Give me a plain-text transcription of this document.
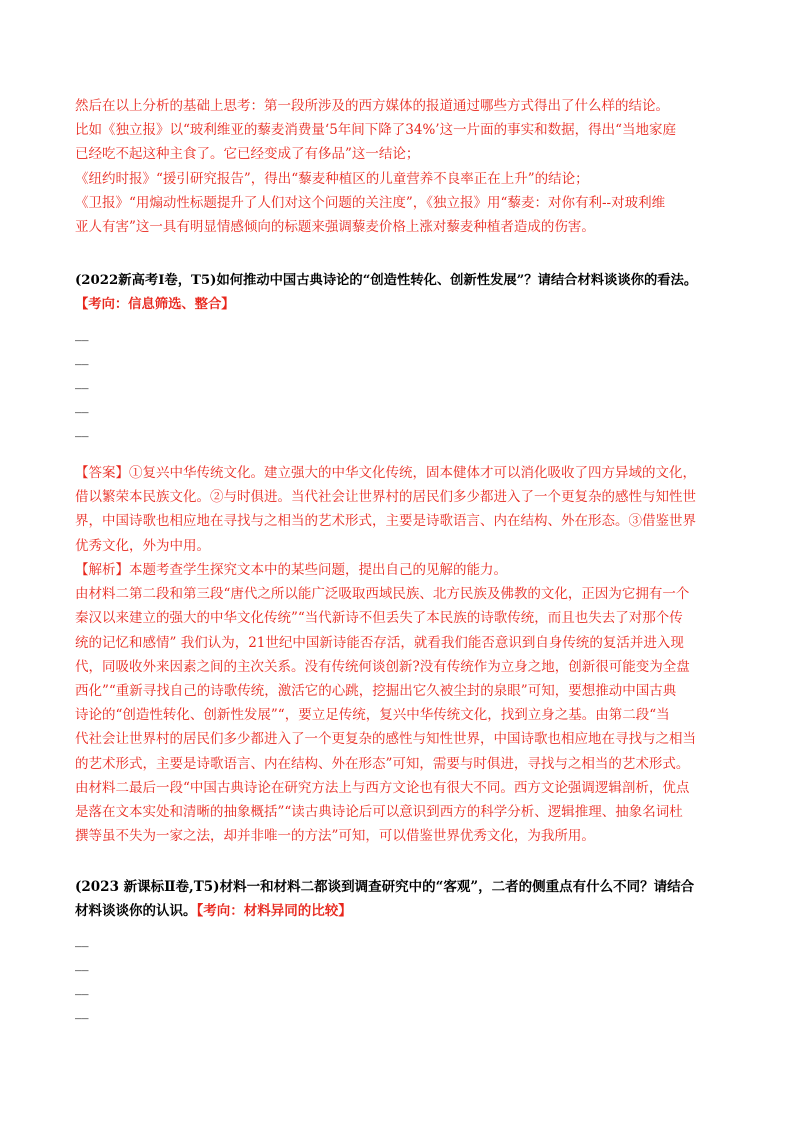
然后在以上分析的基础上思考：第一段所涉及的西方媒体的报道通过哪些方式得出了什么样的结论。
比如《独立报》以“玻利维亚的藜麦消费量‘5年间下降了34%’这一片面的事实和数据，得出“当地家庭
已经吃不起这种主食了。它已经变成了有侈品”这一结论；
《纽约时报》“援引研究报告”，得出“藜麦种植区的儿童营养不良率正在上升”的结论；
《卫报》“用煽动性标题提升了人们对这个问题的关注度”，《独立报》用“藜麦：对你有利--对玻利维
亚人有害”这一具有明显情感倾向的标题来强调藜麦价格上涨对藜麦种植者造成的伤害。
(2022新高考Ⅰ卷，T5)如何推动中国古典诗论的“创造性转化、创新性发展”？请结合材料谈谈你的看法。
【考向：信息筛选、整合】
__
__
__
__
__
【答案】①复兴中华传统文化。建立强大的中华文化传统，固本健体才可以消化吸收了四方异域的文化，
借以繁荣本民族文化。②与时俱进。当代社会让世界村的居民们多少都进入了一个更复杂的感性与知性世
界，中国诗歌也相应地在寻找与之相当的艺术形式，主要是诗歌语言、内在结构、外在形态。③借鉴世界
优秀文化，外为中用。
【解析】本题考查学生探究文本中的某些问题，提出自己的见解的能力。
由材料二第二段和第三段“唐代之所以能广泛吸取西域民族、北方民族及佛教的文化，正因为它拥有一个
秦汉以来建立的强大的中华文化传统”“当代新诗不但丢失了本民族的诗歌传统，而且也失去了对那个传
统的记忆和感情” 我们认为，21世纪中国新诗能否存活，就看我们能否意识到自身传统的复活并进入现
代，同吸收外来因素之间的主次关系。没有传统何谈创新?没有传统作为立身之地，创新很可能变为全盘
西化”“重新寻找自己的诗歌传统，激活它的心跳，挖掘出它久被尘封的泉眼”可知，要想推动中国古典
诗论的“创造性转化、创新性发展”“，要立足传统，复兴中华传统文化，找到立身之基。由第二段“当
代社会让世界村的居民们多少都进入了一个更复杂的感性与知性世界，中国诗歌也相应地在寻找与之相当
的艺术形式，主要是诗歌语言、内在结构、外在形态”可知，需要与时俱进，寻找与之相当的艺术形式。
由材料二最后一段“中国古典诗论在研究方法上与西方文论也有很大不同。西方文论强调逻辑剖析，优点
是落在文本实处和清晰的抽象概括”“读古典诗论后可以意识到西方的科学分析、逻辑推理、抽象名词杜
撰等虽不失为一家之法，却并非唯一的方法”可知，可以借鉴世界优秀文化，为我所用。
(2023 新课标Ⅱ卷,T5)材料一和材料二都谈到调查研究中的“客观”，二者的侧重点有什么不同？请结合
材料谈谈你的认识。【考向：材料异同的比较】
__
__
__
__
